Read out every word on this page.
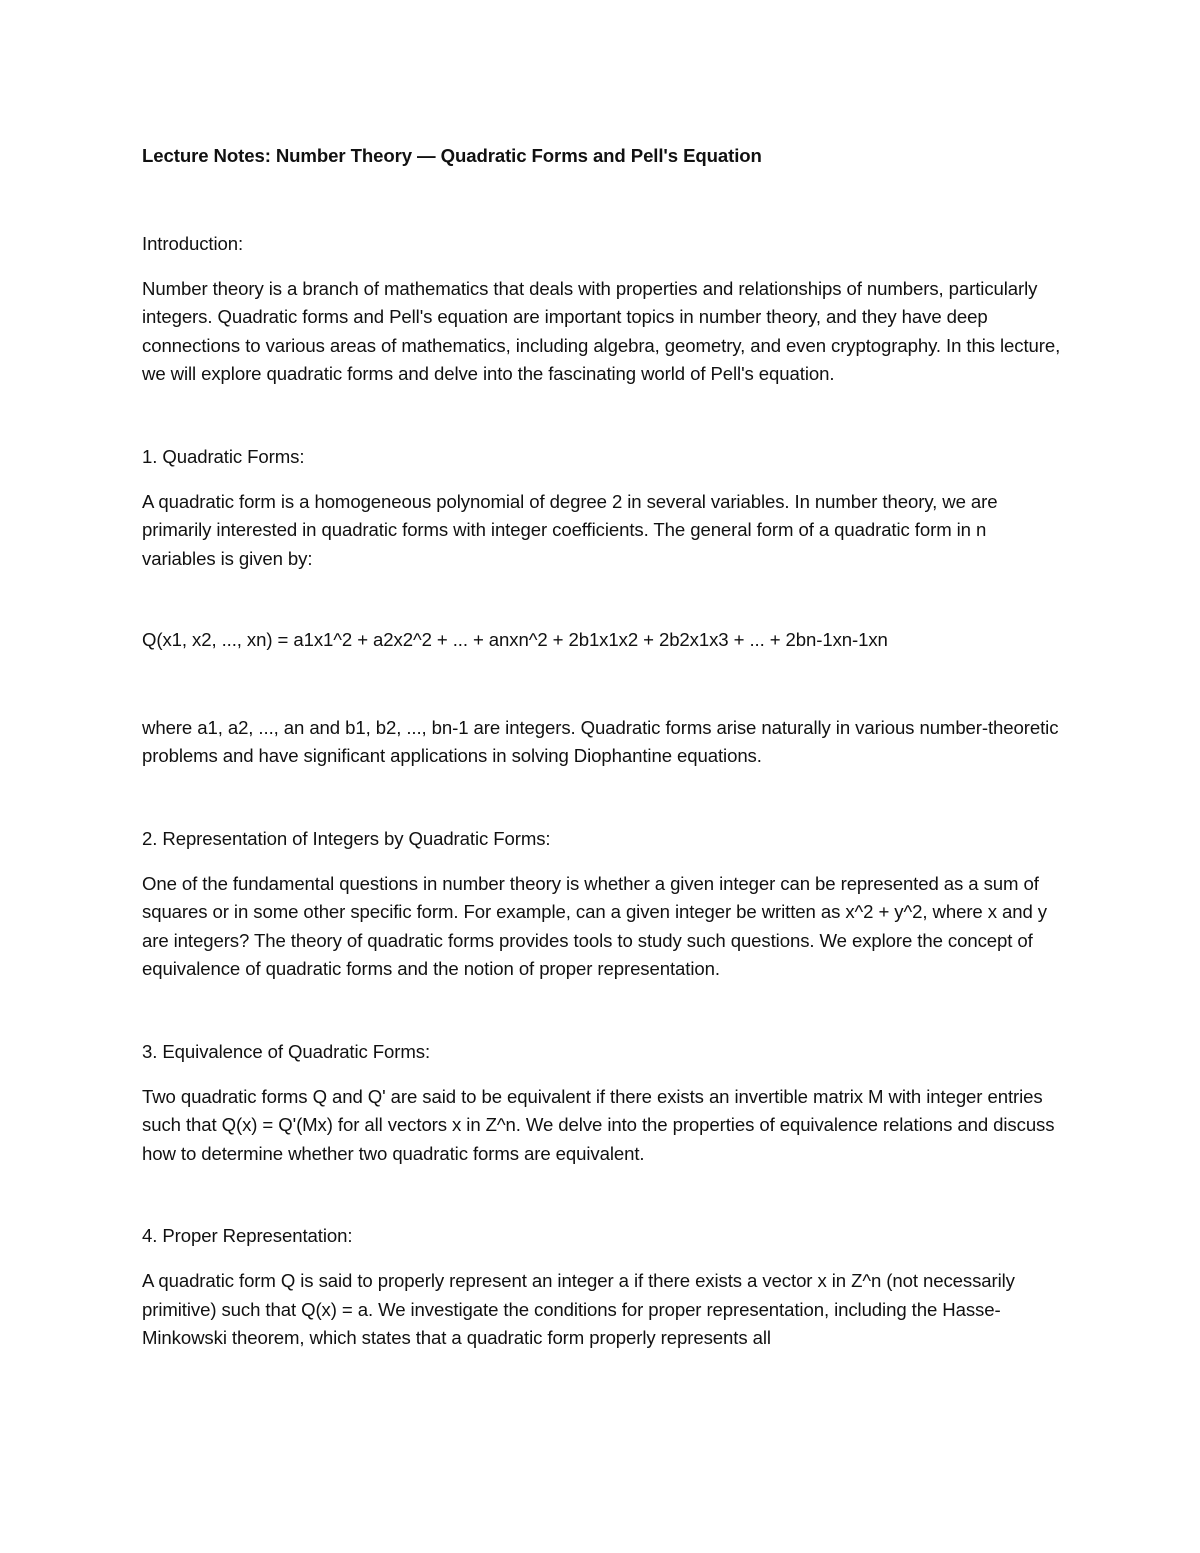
Lecture Notes: Number Theory — Quadratic Forms and Pell's Equation

Introduction:

Number theory is a branch of mathematics that deals with properties and relationships of numbers, particularly integers. Quadratic forms and Pell's equation are important topics in number theory, and they have deep connections to various areas of mathematics, including algebra, geometry, and even cryptography. In this lecture, we will explore quadratic forms and delve into the fascinating world of Pell's equation.

1. Quadratic Forms:

A quadratic form is a homogeneous polynomial of degree 2 in several variables. In number theory, we are primarily interested in quadratic forms with integer coefficients. The general form of a quadratic form in n variables is given by:

Q(x1, x2, ..., xn) = a1x1^2 + a2x2^2 + ... + anxn^2 + 2b1x1x2 + 2b2x1x3 + ... + 2bn-1xn-1xn

where a1, a2, ..., an and b1, b2, ..., bn-1 are integers. Quadratic forms arise naturally in various number-theoretic problems and have significant applications in solving Diophantine equations.

2. Representation of Integers by Quadratic Forms:

One of the fundamental questions in number theory is whether a given integer can be represented as a sum of squares or in some other specific form. For example, can a given integer be written as x^2 + y^2, where x and y are integers? The theory of quadratic forms provides tools to study such questions. We explore the concept of equivalence of quadratic forms and the notion of proper representation.

3. Equivalence of Quadratic Forms:

Two quadratic forms Q and Q' are said to be equivalent if there exists an invertible matrix M with integer entries such that Q(x) = Q'(Mx) for all vectors x in Z^n. We delve into the properties of equivalence relations and discuss how to determine whether two quadratic forms are equivalent.

4. Proper Representation:

A quadratic form Q is said to properly represent an integer a if there exists a vector x in Z^n (not necessarily primitive) such that Q(x) = a. We investigate the conditions for proper representation, including the Hasse-Minkowski theorem, which states that a quadratic form properly represents all
